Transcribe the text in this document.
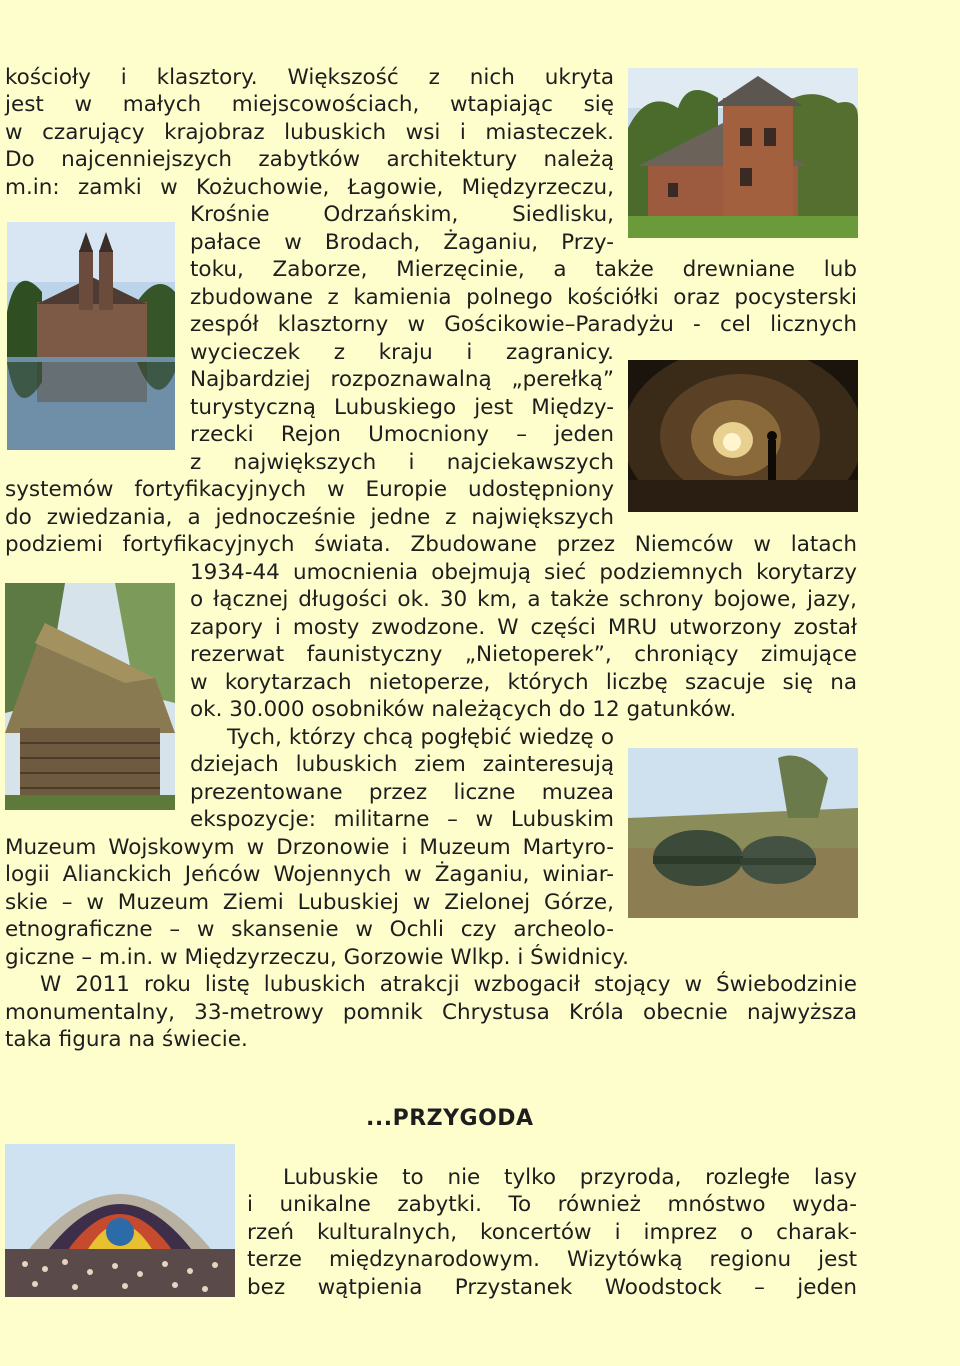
kościoły i klasztory. Większość z nich ukryta
jest w małych miejscowościach, wtapiając się
w czarujący krajobraz lubuskich wsi i miasteczek.
Do najcenniejszych zabytków architektury należą
m.in: zamki w Kożuchowie, Łagowie, Międzyrzeczu,
Krośnie Odrzańskim, Siedlisku,
pałace w Brodach, Żaganiu, Przy-
toku, Zaborze, Mierzęcinie, a także drewniane lub
zbudowane z kamienia polnego kościółki oraz pocysterski
zespół klasztorny w Gościkowie–Paradyżu - cel licznych
wycieczek z kraju i zagranicy.
Najbardziej rozpoznawalną „perełką”
turystyczną Lubuskiego jest Między-
rzecki Rejon Umocniony – jeden
z największych i najciekawszych
systemów fortyfikacyjnych w Europie udostępniony
do zwiedzania, a jednocześnie jedne z największych
podziemi fortyfikacyjnych świata. Zbudowane przez Niemców w latach
1934-44 umocnienia obejmują sieć podziemnych korytarzy
o łącznej długości ok. 30 km, a także schrony bojowe, jazy,
zapory i mosty zwodzone. W części MRU utworzony został
rezerwat faunistyczny „Nietoperek”, chroniący zimujące
w korytarzach nietoperze, których liczbę szacuje się na
ok. 30.000 osobników należących do 12 gatunków.
Tych, którzy chcą pogłębić wiedzę o
dziejach lubuskich ziem zainteresują
prezentowane przez liczne muzea
ekspozycje: militarne – w Lubuskim
Muzeum Wojskowym w Drzonowie i Muzeum Martyro-
logii Alianckich Jeńców Wojennych w Żaganiu, winiar-
skie – w Muzeum Ziemi Lubuskiej w Zielonej Górze,
etnograficzne – w skansenie w Ochli czy archeolo-
giczne – m.in. w Międzyrzeczu, Gorzowie Wlkp. i Świdnicy.
W 2011 roku listę lubuskich atrakcji wzbogacił stojący w Świebodzinie
monumentalny, 33-metrowy pomnik Chrystusa Króla obecnie najwyższa
taka figura na świecie.
...PRZYGODA
Lubuskie to nie tylko przyroda, rozległe lasy
i unikalne zabytki. To również mnóstwo wyda-
rzeń kulturalnych, koncertów i imprez o charak-
terze międzynarodowym. Wizytówką regionu jest
bez wątpienia Przystanek Woodstock – jeden
